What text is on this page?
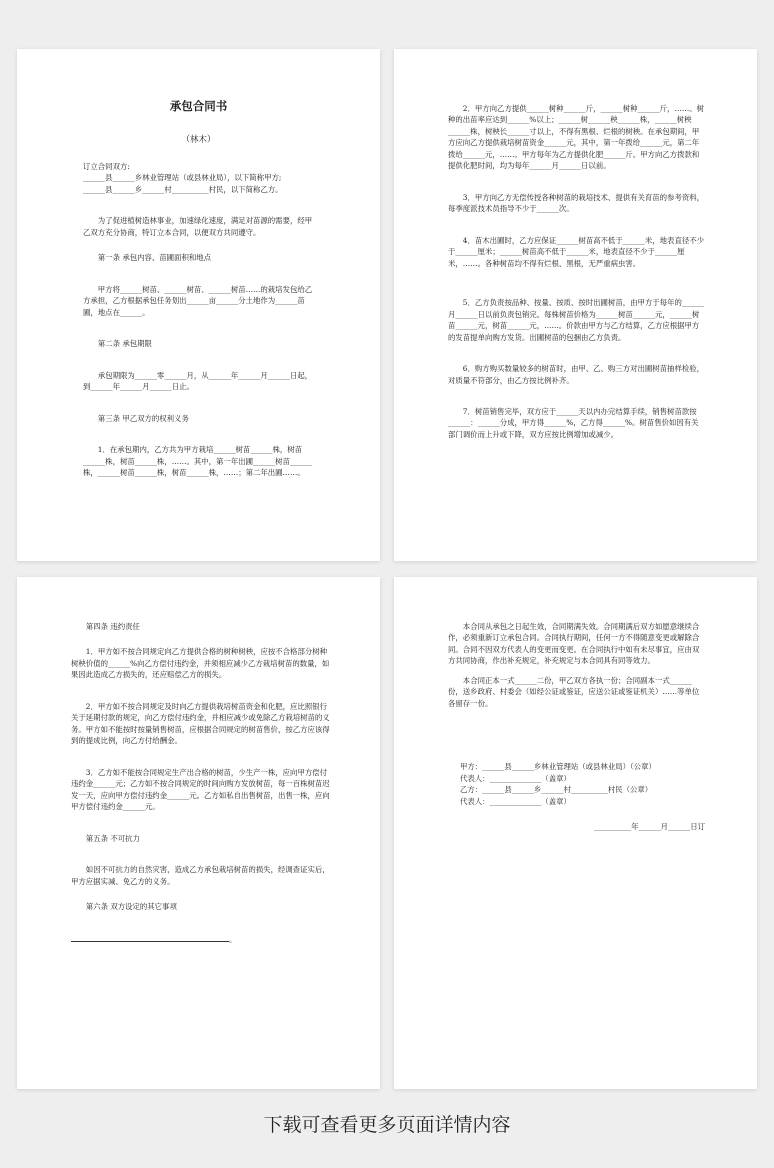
承包合同书
（林木）

订立合同双方:

______县______乡林业管理站（或县林业局），以下简称甲方;

______县______乡______村__________村民，以下简称乙方。

为了促进植树造林事业，加速绿化速度，满足对苗源的需要，经甲乙双方充分协商，特订立本合同，以便双方共同遵守。

第一条 承包内容、苗圃面积和地点

甲方将______树苗、______树苗、______树苗……的栽培发包给乙方承担，乙方根据承包任务划出______亩______分土地作为______苗圃，地点在______。

第二条 承包期限

承包期限为______零______月，从______年______月______日起，到______年______月______日止。

第三条 甲乙双方的权利义务

1．在承包期内，乙方共为甲方栽培______树苗______株，树苗______株，树苗______株，……。其中，第一年出圃______树苗______株，______树苗______株，树苗______株，……；第二年出圃……。

2．甲方向乙方提供______树种______斤，______树种______斤，……。树种的出苗率应达到______%以上；______树______秧______株，______树秧______株，树秧长______寸以上，不得有黑根、烂根的树秧。在承包期间，甲方应向乙方提供栽培树苗资金______元，其中，第一年拨给______元，第二年拨给______元，……。甲方每年为乙方提供化肥______斤。甲方向乙方拨款和提供化肥时间，均为每年______月______日以前。

3．甲方向乙方无偿传授各种树苗的栽培技术、提供有关育苗的参考资料，每季度派技术员指导不少于______次。

4．苗木出圃时，乙方应保证______树苗高不低于______米，地表直径不少于______厘米；______树苗高不低于______米，地表直径不少于______厘米，……。各种树苗均不得有烂根、黑根，无严重病虫害。

5．乙方负责按品种、按量、按质、按时出圃树苗，由甲方于每年的______月______日以前负责包销完。每株树苗价格为______树苗______元，______树苗______元，树苗______元，……。价款由甲方与乙方结算，乙方应根据甲方的发苗提单向购方发货。出圃树苗的包捆由乙方负责。

6．购方购买数量较多的树苗时，由甲、乙、购三方对出圃树苗抽样检验，对质量不符部分，由乙方按比例补齐。

7．树苗销售完毕，双方应于______天以内办完结算手续，销售树苗款按______：______分成，甲方得______%，乙方得______%。树苗售价如因有关部门调价而上升或下降，双方应按比例增加或减少。

第四条 违约责任

1．甲方如不按合同规定向乙方提供合格的树种树秧，应按不合格部分树种树秧价值的______%向乙方偿付违约金，并须相应减少乙方栽培树苗的数量，如果因此造成乙方损失的，还应赔偿乙方的损失。

2．甲方如不按合同规定及时向乙方提供栽培树苗资金和化肥，应比照银行关于延期付款的规定，向乙方偿付违约金，并相应减少或免除乙方栽培树苗的义务。甲方如不能按时按量销售树苗，应根据合同规定的树苗售价，按乙方应该得到的提成比例，向乙方付给酬金。

3．乙方如不能按合同规定生产出合格的树苗，少生产一株，应向甲方偿付违约金______元；乙方如不按合同规定的时间向购方发放树苗，每一百株树苗迟发一天，应向甲方偿付违约金______元。乙方如私自出售树苗，出售一株，应向甲方偿付违约金______元。

第五条 不可抗力

如因不可抗力的自然灾害，造成乙方承包栽培树苗的损失，经调查证实后，甲方应据实减、免乙方的义务。

第六条 双方设定的其它事项

。

本合同从承包之日起生效，合同期满失效。合同期满后双方如愿意继续合作，必须重新订立承包合同。合同执行期间，任何一方不得随意变更或解除合同。合同不因双方代表人的变更而变更。在合同执行中如有未尽事宜，应由双方共同协商，作出补充规定，补充规定与本合同具有同等效力。

本合同正本一式______二份，甲乙双方各执一份；合同副本一式______份，送乡政府、村委会（如经公证或鉴证，应送公证或鉴证机关）……等单位各留存一份。

甲方：______县______乡林业管理站（或县林业局）（公章）

代表人：______________（盖章）

乙方：______县______乡______村__________村民（公章）

代表人：______________（盖章）

__________年______月______日订

下载可查看更多页面详情内容
